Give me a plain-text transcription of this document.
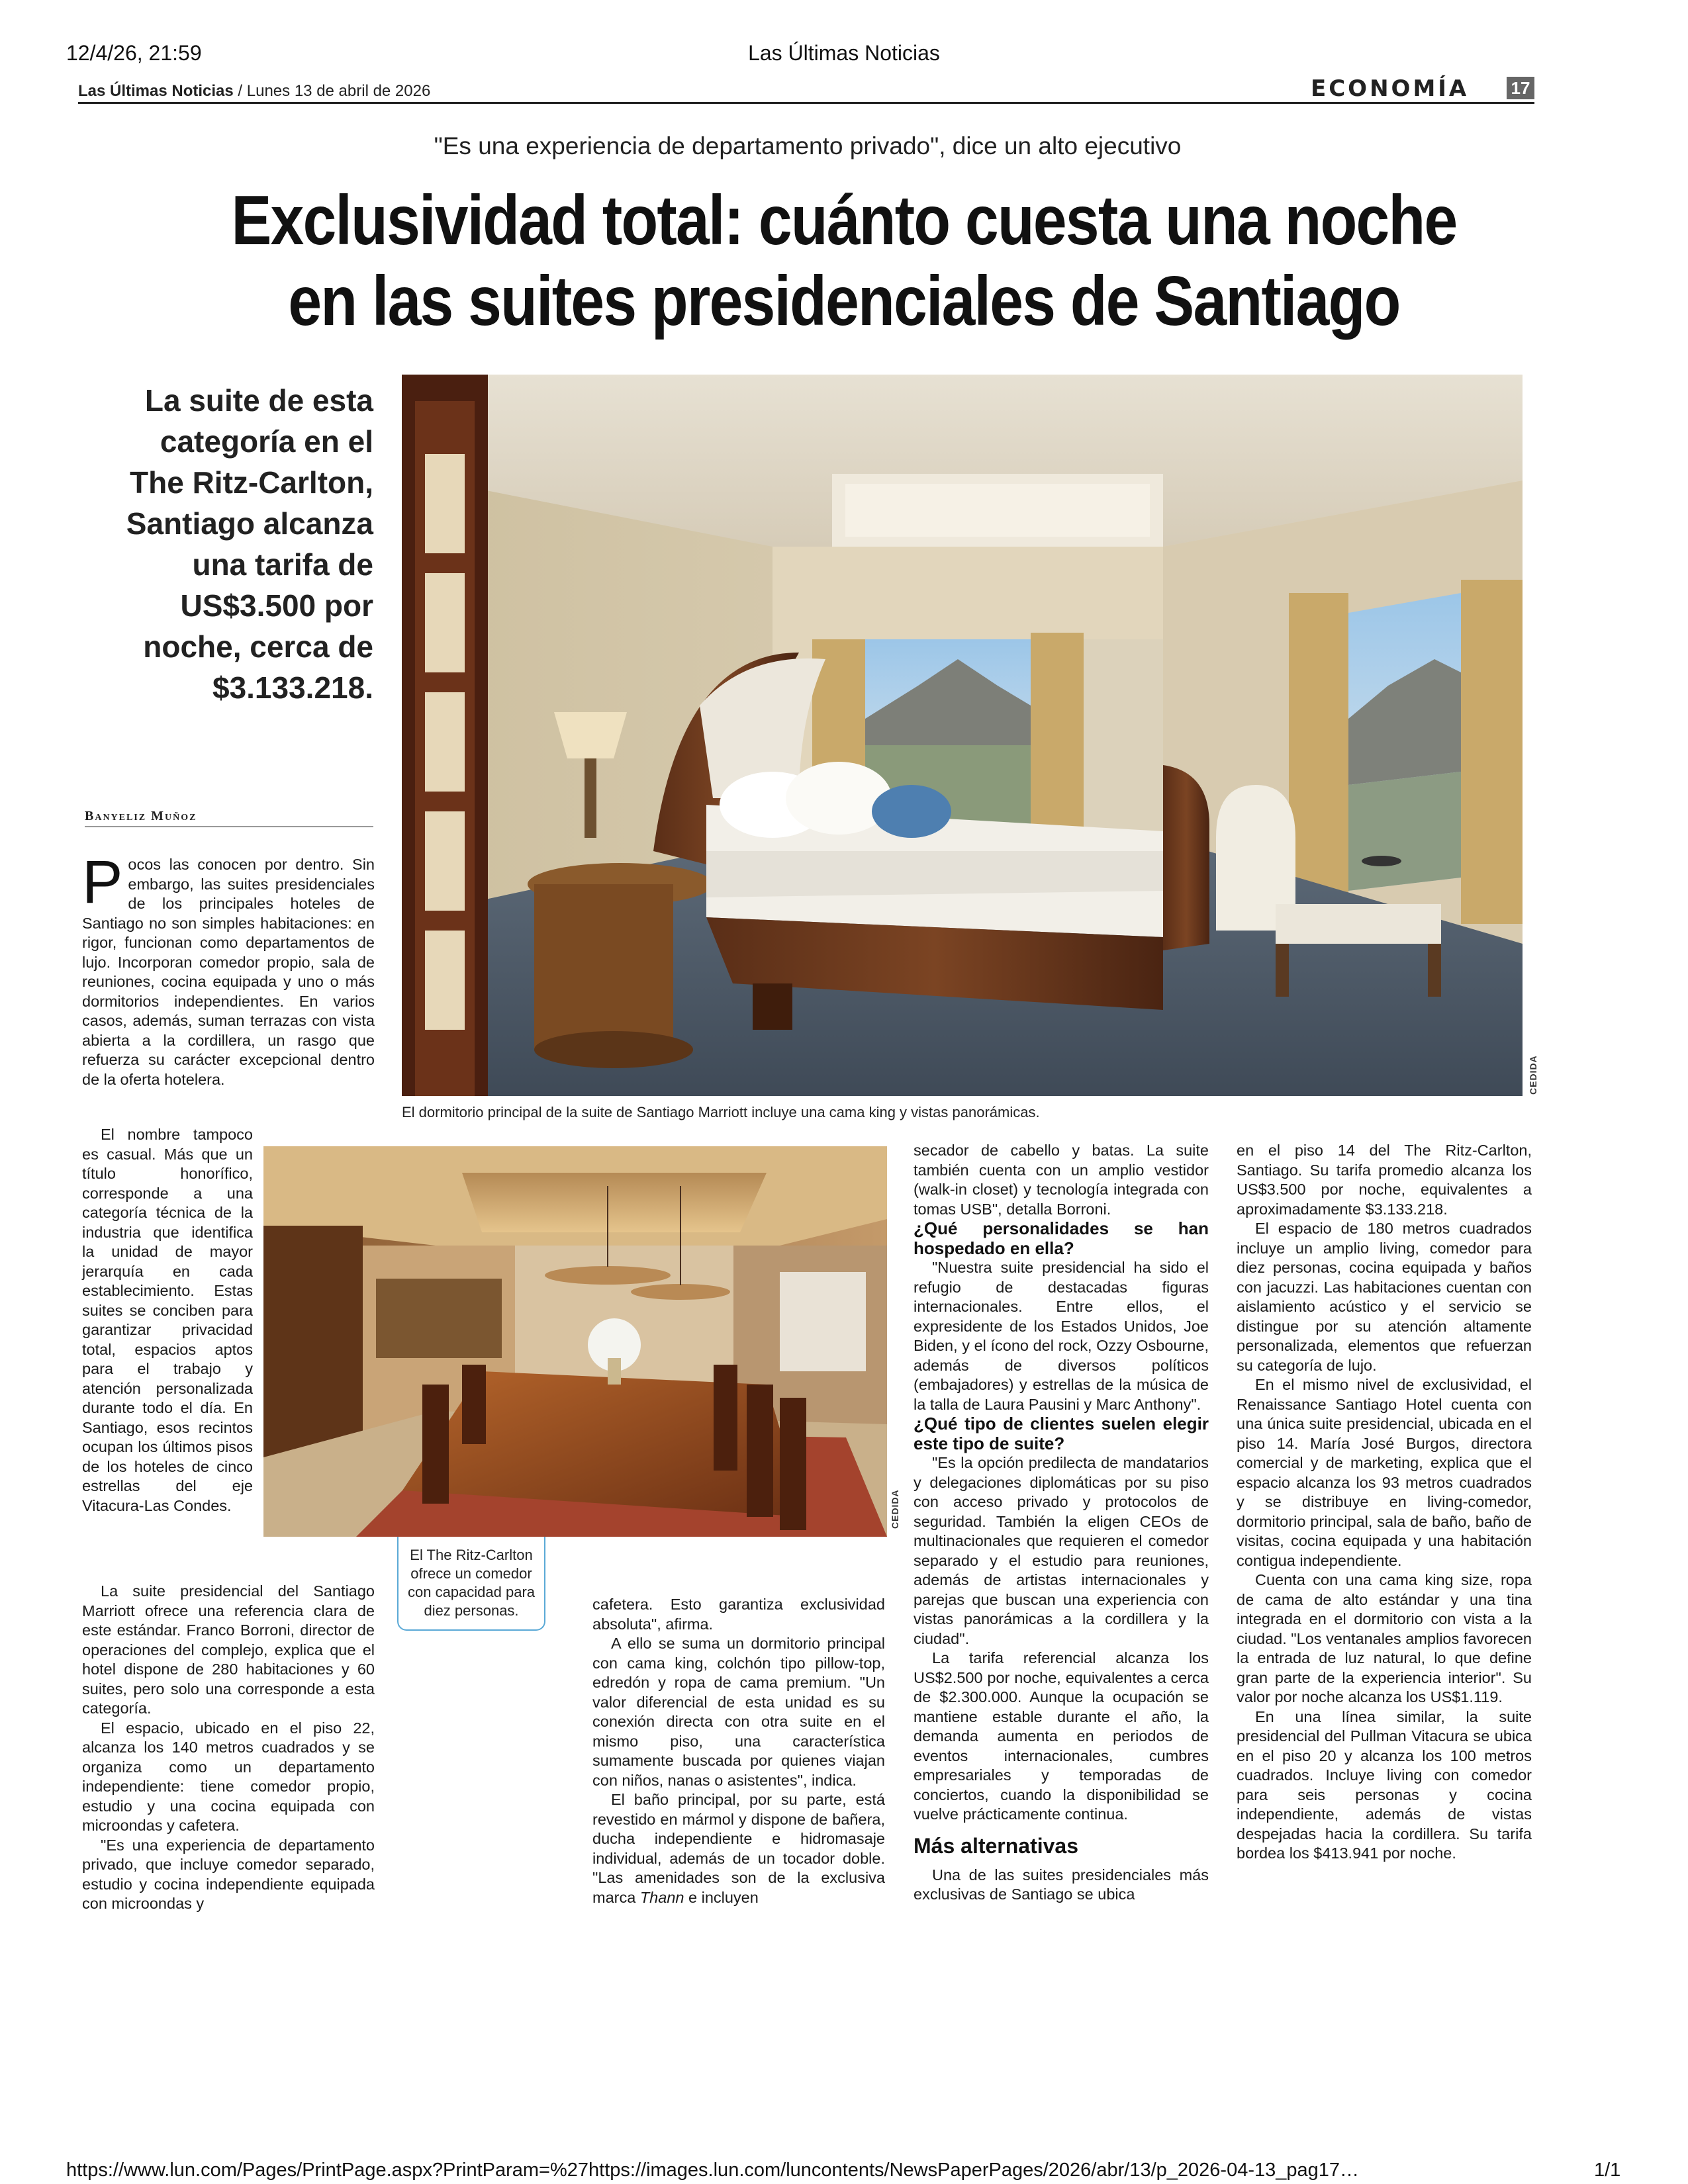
12/4/26, 21:59	Las Últimas Noticias
Las Últimas Noticias / Lunes 13 de abril de 2026	ECONOMÍA 17
"Es una experiencia de departamento privado", dice un alto ejecutivo
Exclusividad total: cuánto cuesta una noche
en las suites presidenciales de Santiago
La suite de esta categoría en el The Ritz-Carlton, Santiago alcanza una tarifa de US$3.500 por noche, cerca de $3.133.218.
Banyeliz Muñoz
CEDIDA
El dormitorio principal de la suite de Santiago Marriott incluye una cama king y vistas panorámicas.
CEDIDA
El The Ritz-Carlton ofrece un comedor con capacidad para diez personas.
P ocos las conocen por dentro. Sin embargo, las suites presidenciales de los principales hoteles de Santiago no son simples habitaciones: en rigor, funcionan como departamentos de lujo. Incorporan comedor propio, sala de reuniones, cocina equipada y uno o más dormitorios independientes. En varios casos, además, suman terrazas con vista abierta a la cordillera, un rasgo que refuerza su carácter excepcional dentro de la oferta hotelera.

El nombre tampoco es casual. Más que un título honorífico, corresponde a una categoría técnica de la industria que identifica la unidad de mayor jerarquía en cada establecimiento. Estas suites se conciben para garantizar privacidad total, espacios aptos para el trabajo y atención personalizada durante todo el día. En Santiago, esos recintos ocupan los últimos pisos de los hoteles de cinco estrellas del eje Vitacura-Las Condes.

La suite presidencial del Santiago Marriott ofrece una referencia clara de este estándar. Franco Borroni, director de operaciones del complejo, explica que el hotel dispone de 280 habitaciones y 60 suites, pero solo una corresponde a esta categoría.

El espacio, ubicado en el piso 22, alcanza los 140 metros cuadrados y se organiza como un departamento independiente: tiene comedor propio, estudio y una cocina equipada con microondas y cafetera.

"Es una experiencia de departamento privado, que incluye comedor separado, estudio y cocina independiente equipada con microondas y

cafetera. Esto garantiza exclusividad absoluta", afirma.

A ello se suma un dormitorio principal con cama king, colchón tipo pillow-top, edredón y ropa de cama premium. "Un valor diferencial de esta unidad es su conexión directa con otra suite en el mismo piso, una característica sumamente buscada por quienes viajan con niños, nanas o asistentes", indica.

El baño principal, por su parte, está revestido en mármol y dispone de bañera, ducha independiente e hidromasaje individual, además de un tocador doble. "Las amenidades son de la exclusiva marca Thann e incluyen

secador de cabello y batas. La suite también cuenta con un amplio vestidor (walk-in closet) y tecnología integrada con tomas USB", detalla Borroni.

¿Qué personalidades se han hospedado en ella?

"Nuestra suite presidencial ha sido el refugio de destacadas figuras internacionales. Entre ellos, el expresidente de los Estados Unidos, Joe Biden, y el ícono del rock, Ozzy Osbourne, además de diversos políticos (embajadores) y estrellas de la música de la talla de Laura Pausini y Marc Anthony".

¿Qué tipo de clientes suelen elegir este tipo de suite?

"Es la opción predilecta de mandatarios y delegaciones diplomáticas por su piso con acceso privado y protocolos de seguridad. También la eligen CEOs de multinacionales que requieren el comedor separado y el estudio para reuniones, además de artistas internacionales y parejas que buscan una experiencia con vistas panorámicas a la cordillera y la ciudad".

La tarifa referencial alcanza los US$2.500 por noche, equivalentes a cerca de $2.300.000. Aunque la ocupación se mantiene estable durante el año, la demanda aumenta en periodos de eventos internacionales, cumbres empresariales y temporadas de conciertos, cuando la disponibilidad se vuelve prácticamente continua.

Más alternativas

Una de las suites presidenciales más exclusivas de Santiago se ubica

en el piso 14 del The Ritz-Carlton, Santiago. Su tarifa promedio alcanza los US$3.500 por noche, equivalentes a aproximadamente $3.133.218.

El espacio de 180 metros cuadrados incluye un amplio living, comedor para diez personas, cocina equipada y baños con jacuzzi. Las habitaciones cuentan con aislamiento acústico y el servicio se distingue por su atención altamente personalizada, elementos que refuerzan su categoría de lujo.

En el mismo nivel de exclusividad, el Renaissance Santiago Hotel cuenta con una única suite presidencial, ubicada en el piso 14. María José Burgos, directora comercial y de marketing, explica que el espacio alcanza los 93 metros cuadrados y se distribuye en living-comedor, dormitorio principal, sala de baño, baño de visitas, cocina equipada y una habitación contigua independiente.

Cuenta con una cama king size, ropa de cama de alto estándar y una tina integrada en el dormitorio con vista a la ciudad. "Los ventanales amplios favorecen la entrada de luz natural, lo que define gran parte de la experiencia interior". Su valor por noche alcanza los US$1.119.

En una línea similar, la suite presidencial del Pullman Vitacura se ubica en el piso 20 y alcanza los 100 metros cuadrados. Incluye living con comedor para seis personas y cocina independiente, además de vistas despejadas hacia la cordillera. Su tarifa bordea los $413.941 por noche.

https://www.lun.com/Pages/PrintPage.aspx?PrintParam=%27https://images.lun.com/luncontents/NewsPaperPages/2026/abr/13/p_2026-04-13_pag17…	1/1
